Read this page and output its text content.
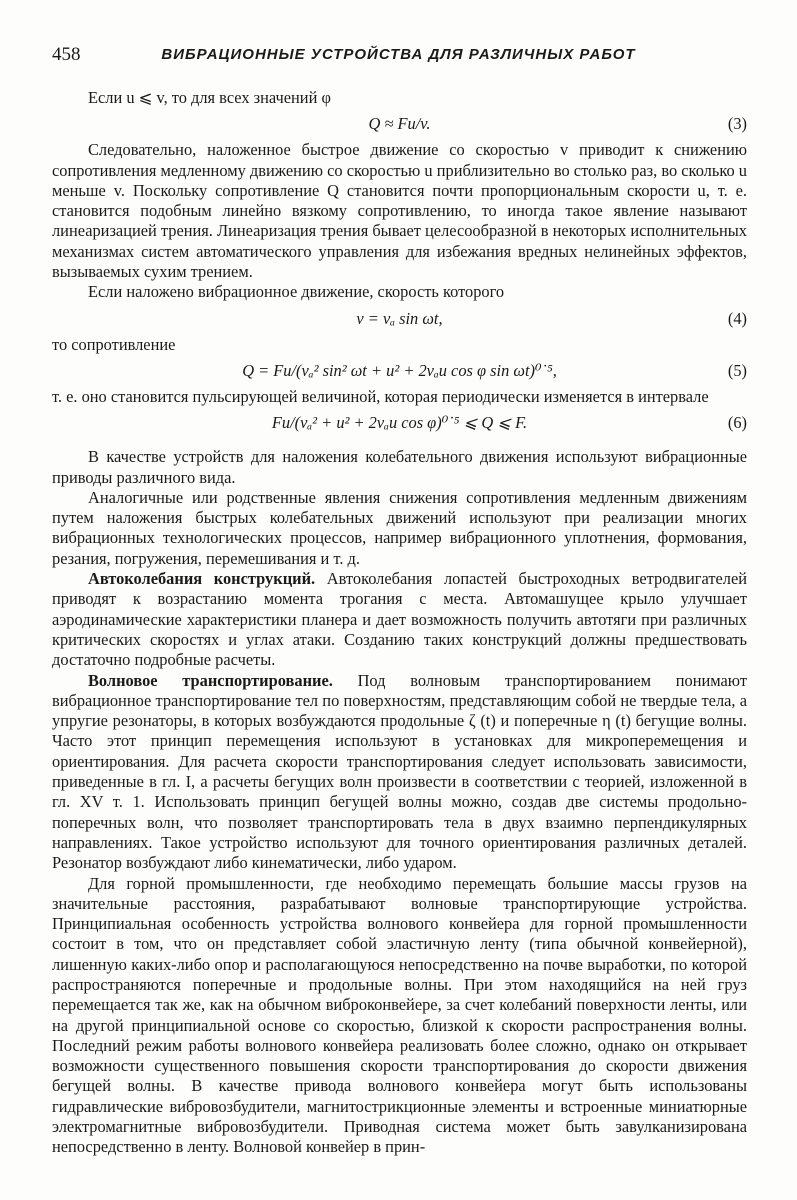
458	ВИБРАЦИОННЫЕ УСТРОЙСТВА ДЛЯ РАЗЛИЧНЫХ РАБОТ

Если u ⩽ v, то для всех значений φ

Q ≈ Fu/v.	(3)

Следовательно, наложенное быстрое движение со скоростью v приводит к снижению сопротивления медленному движению со скоростью u приблизительно во столько раз, во сколько u меньше v. Поскольку сопротивление Q становится почти пропорциональным скорости u, т. е. становится подобным линейно вязкому сопротивлению, то иногда такое явление называют линеаризацией трения. Линеаризация трения бывает целесообразной в некоторых исполнительных механизмах систем автоматического управления для избежания вредных нелинейных эффектов, вызываемых сухим трением.

Если наложено вибрационное движение, скорость которого

v = vₐ sin ωt,	(4)

то сопротивление

Q = Fu/(vₐ² sin² ωt + u² + 2vₐu cos φ sin ωt)⁰˙⁵,	(5)

т. е. оно становится пульсирующей величиной, которая периодически изменяется в интервале

Fu/(vₐ² + u² + 2vₐu cos φ)⁰˙⁵ ⩽ Q ⩽ F.	(6)

В качестве устройств для наложения колебательного движения используют вибрационные приводы различного вида.

Аналогичные или родственные явления снижения сопротивления медленным движениям путем наложения быстрых колебательных движений используют при реализации многих вибрационных технологических процессов, например вибрационного уплотнения, формования, резания, погружения, перемешивания и т. д.

Автоколебания конструкций. Автоколебания лопастей быстроходных ветродвигателей приводят к возрастанию момента трогания с места. Автомашущее крыло улучшает аэродинамические характеристики планера и дает возможность получить автотяги при различных критических скоростях и углах атаки. Созданию таких конструкций должны предшествовать достаточно подробные расчеты.

Волновое транспортирование. Под волновым транспортированием понимают вибрационное транспортирование тел по поверхностям, представляющим собой не твердые тела, а упругие резонаторы, в которых возбуждаются продольные ζ (t) и поперечные η (t) бегущие волны. Часто этот принцип перемещения используют в установках для микроперемещения и ориентирования. Для расчета скорости транспортирования следует использовать зависимости, приведенные в гл. I, а расчеты бегущих волн произвести в соответствии с теорией, изложенной в гл. XV т. 1. Использовать принцип бегущей волны можно, создав две системы продольно-поперечных волн, что позволяет транспортировать тела в двух взаимно перпендикулярных направлениях. Такое устройство используют для точного ориентирования различных деталей. Резонатор возбуждают либо кинематически, либо ударом.

Для горной промышленности, где необходимо перемещать большие массы грузов на значительные расстояния, разрабатывают волновые транспортирующие устройства. Принципиальная особенность устройства волнового конвейера для горной промышленности состоит в том, что он представляет собой эластичную ленту (типа обычной конвейерной), лишенную каких-либо опор и располагающуюся непосредственно на почве выработки, по которой распространяются поперечные и продольные волны. При этом находящийся на ней груз перемещается так же, как на обычном виброконвейере, за счет колебаний поверхности ленты, или на другой принципиальной основе со скоростью, близкой к скорости распространения волны. Последний режим работы волнового конвейера реализовать более сложно, однако он открывает возможности существенного повышения скорости транспортирования до скорости движения бегущей волны. В качестве привода волнового конвейера могут быть использованы гидравлические вибровозбудители, магнитострикционные элементы и встроенные миниатюрные электромагнитные вибровозбудители. Приводная система может быть завулканизирована непосредственно в ленту. Волновой конвейер в прин-
